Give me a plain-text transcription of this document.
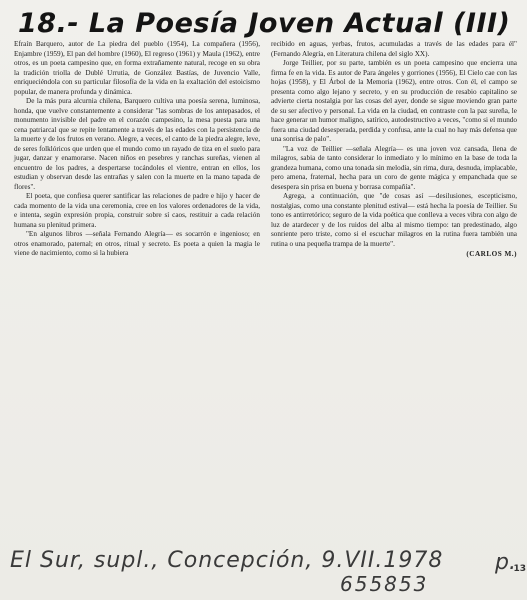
18.- La Poesía Joven Actual (III)

Efraín Barquero, autor de La piedra del pueblo (1954), La compañera (1956), Enjambre (1959), El pan del hombre (1960), El regreso (1961) y Maula (1962), entre otros, es un poeta campesino que, en forma extrañamente natural, recoge en su obra la tradición triolla de Dublé Urrutia, de González Bastías, de Juvencio Valle, enriqueciéndola con su particular filosofía de la vida en la exaltación del estoicismo popular, de manera profunda y dinámica.

De la más pura alcurnia chilena, Barquero cultiva una poesía serena, luminosa, honda, que vuelve constantemente a considerar "las sombras de los antepasados, el monumento invisible del padre en el corazón campesino, la mesa puesta para una cena patriarcal que se repite lentamente a través de las edades con la persistencia de la muerte y de los frutos en verano. Alegre, a veces, el canto de la piedra alegre, leve, de seres folklóricos que urden que el mundo como un rayado de tiza en el suelo para jugar, danzar y enamorarse. Nacen niños en pesebres y ranchas sureñas, vienen al encuentro de los padres, a despertarse tocándoles el vientre, entran en ellos, los estudian y observan desde las entrañas y salen con la muerte en la mano tapada de flores".

El poeta, que confiesa querer santificar las relaciones de padre e hijo y hacer de cada momento de la vida una ceremonia, cree en los valores ordenadores de la vida, e intenta, según expresión propia, construir sobre sí caos, restituir a cada relación humana su plenitud primera.

"En algunos libros —señala Fernando Alegría— es socarrón e ingenioso; en otros enamorado, paternal; en otros, ritual y secreto. Es poeta a quien la magia le viene de nacimiento, como si la hubiera

recibido en aguas, yerbas, frutos, acumuladas a través de las edades para él" (Fernando Alegría, en Literatura chilena del siglo XX).

Jorge Teillier, por su parte, también es un poeta campesino que encierra una firma fe en la vida. Es autor de Para ángeles y gorriones (1956), El Cielo cae con las hojas (1958), y El Árbol de la Memoria (1962), entre otros. Con él, el campo se presenta como algo lejano y secreto, y en su producción de resabio capitalino se advierte cierta nostalgia por las cosas del ayer, donde se sigue moviendo gran parte de su ser afectivo y personal. La vida en la ciudad, en contraste con la paz sureña, le hace generar un humor maligno, satírico, autodestructivo a veces, "como si el mundo fuera una ciudad desesperada, perdida y confusa, ante la cual no hay más defensa que una sonrisa de palo".

"La voz de Teillier —señala Alegría— es una joven voz cansada, llena de milagros, sabia de tanto considerar lo inmediato y lo mínimo en la base de toda la grandeza humana, como una tonada sin melodía, sin rima, dura, desnuda, implacable, pero amena, fraternal, hecha para un coro de gente mágica y empanchada que se desespera sin prisa en buena y borrasa compañía".

Agrega, a continuación, que "de cosas así —desilusiones, escepticismo, nostalgias, como una constante plenitud estival— está hecha la poesía de Teillier. Su tono es antirretórico; seguro de la vida poética que conlleva a veces vibra con algo de luz de atardecer y de los ruidos del alba al mismo tiempo: tan predestinado, algo sonriente pero triste, como si el escuchar milagros en la rutina fuera también una rutina o una pequeña trampa de la muerte".

(CARLOS M.)
El Sur, supl., Concepción, 9.VII.1978 p.
13
655853
